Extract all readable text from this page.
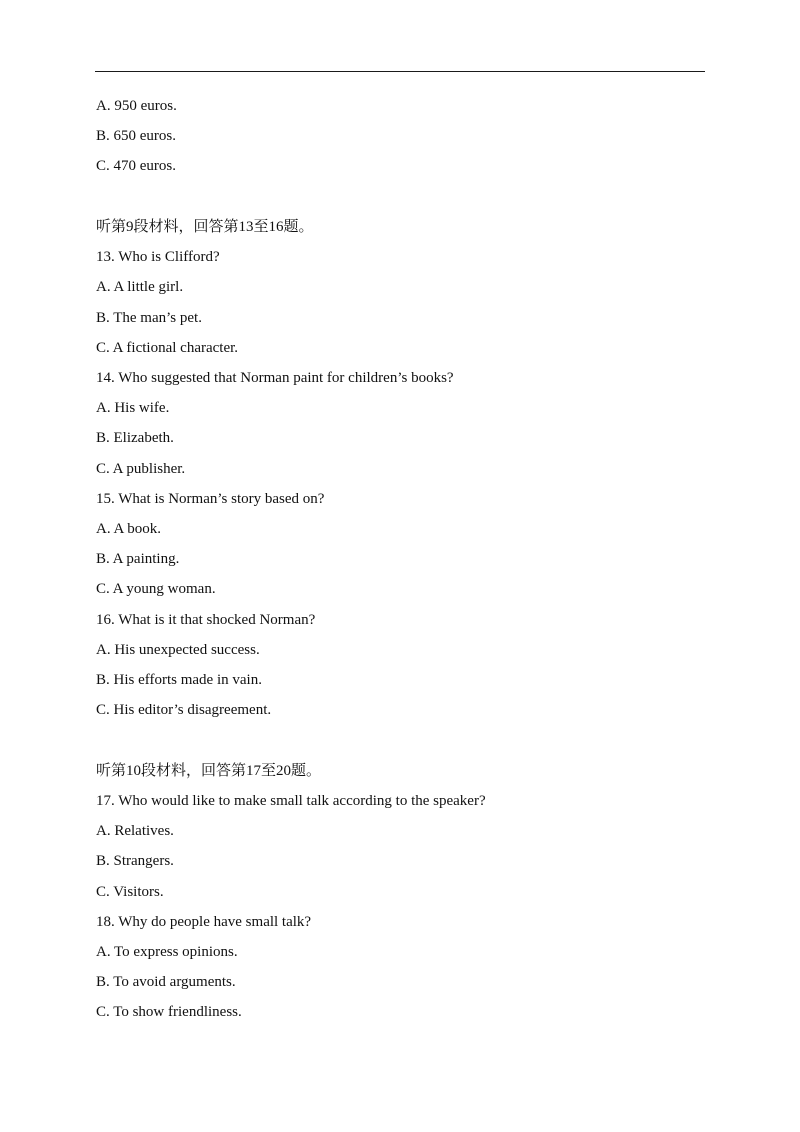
A. 950 euros.
B. 650 euros.
C. 470 euros.
听第9段材料，回答第13至16题。
13. Who is Clifford?
A. A little girl.
B. The man’s pet.
C. A fictional character.
14. Who suggested that Norman paint for children’s books?
A. His wife.
B. Elizabeth.
C. A publisher.
15. What is Norman’s story based on?
A. A book.
B. A painting.
C. A young woman.
16. What is it that shocked Norman?
A. His unexpected success.
B. His efforts made in vain.
C. His editor’s disagreement.
听第10段材料，回答第17至20题。
17. Who would like to make small talk according to the speaker?
A. Relatives.
B. Strangers.
C. Visitors.
18. Why do people have small talk?
A. To express opinions.
B. To avoid arguments.
C. To show friendliness.
